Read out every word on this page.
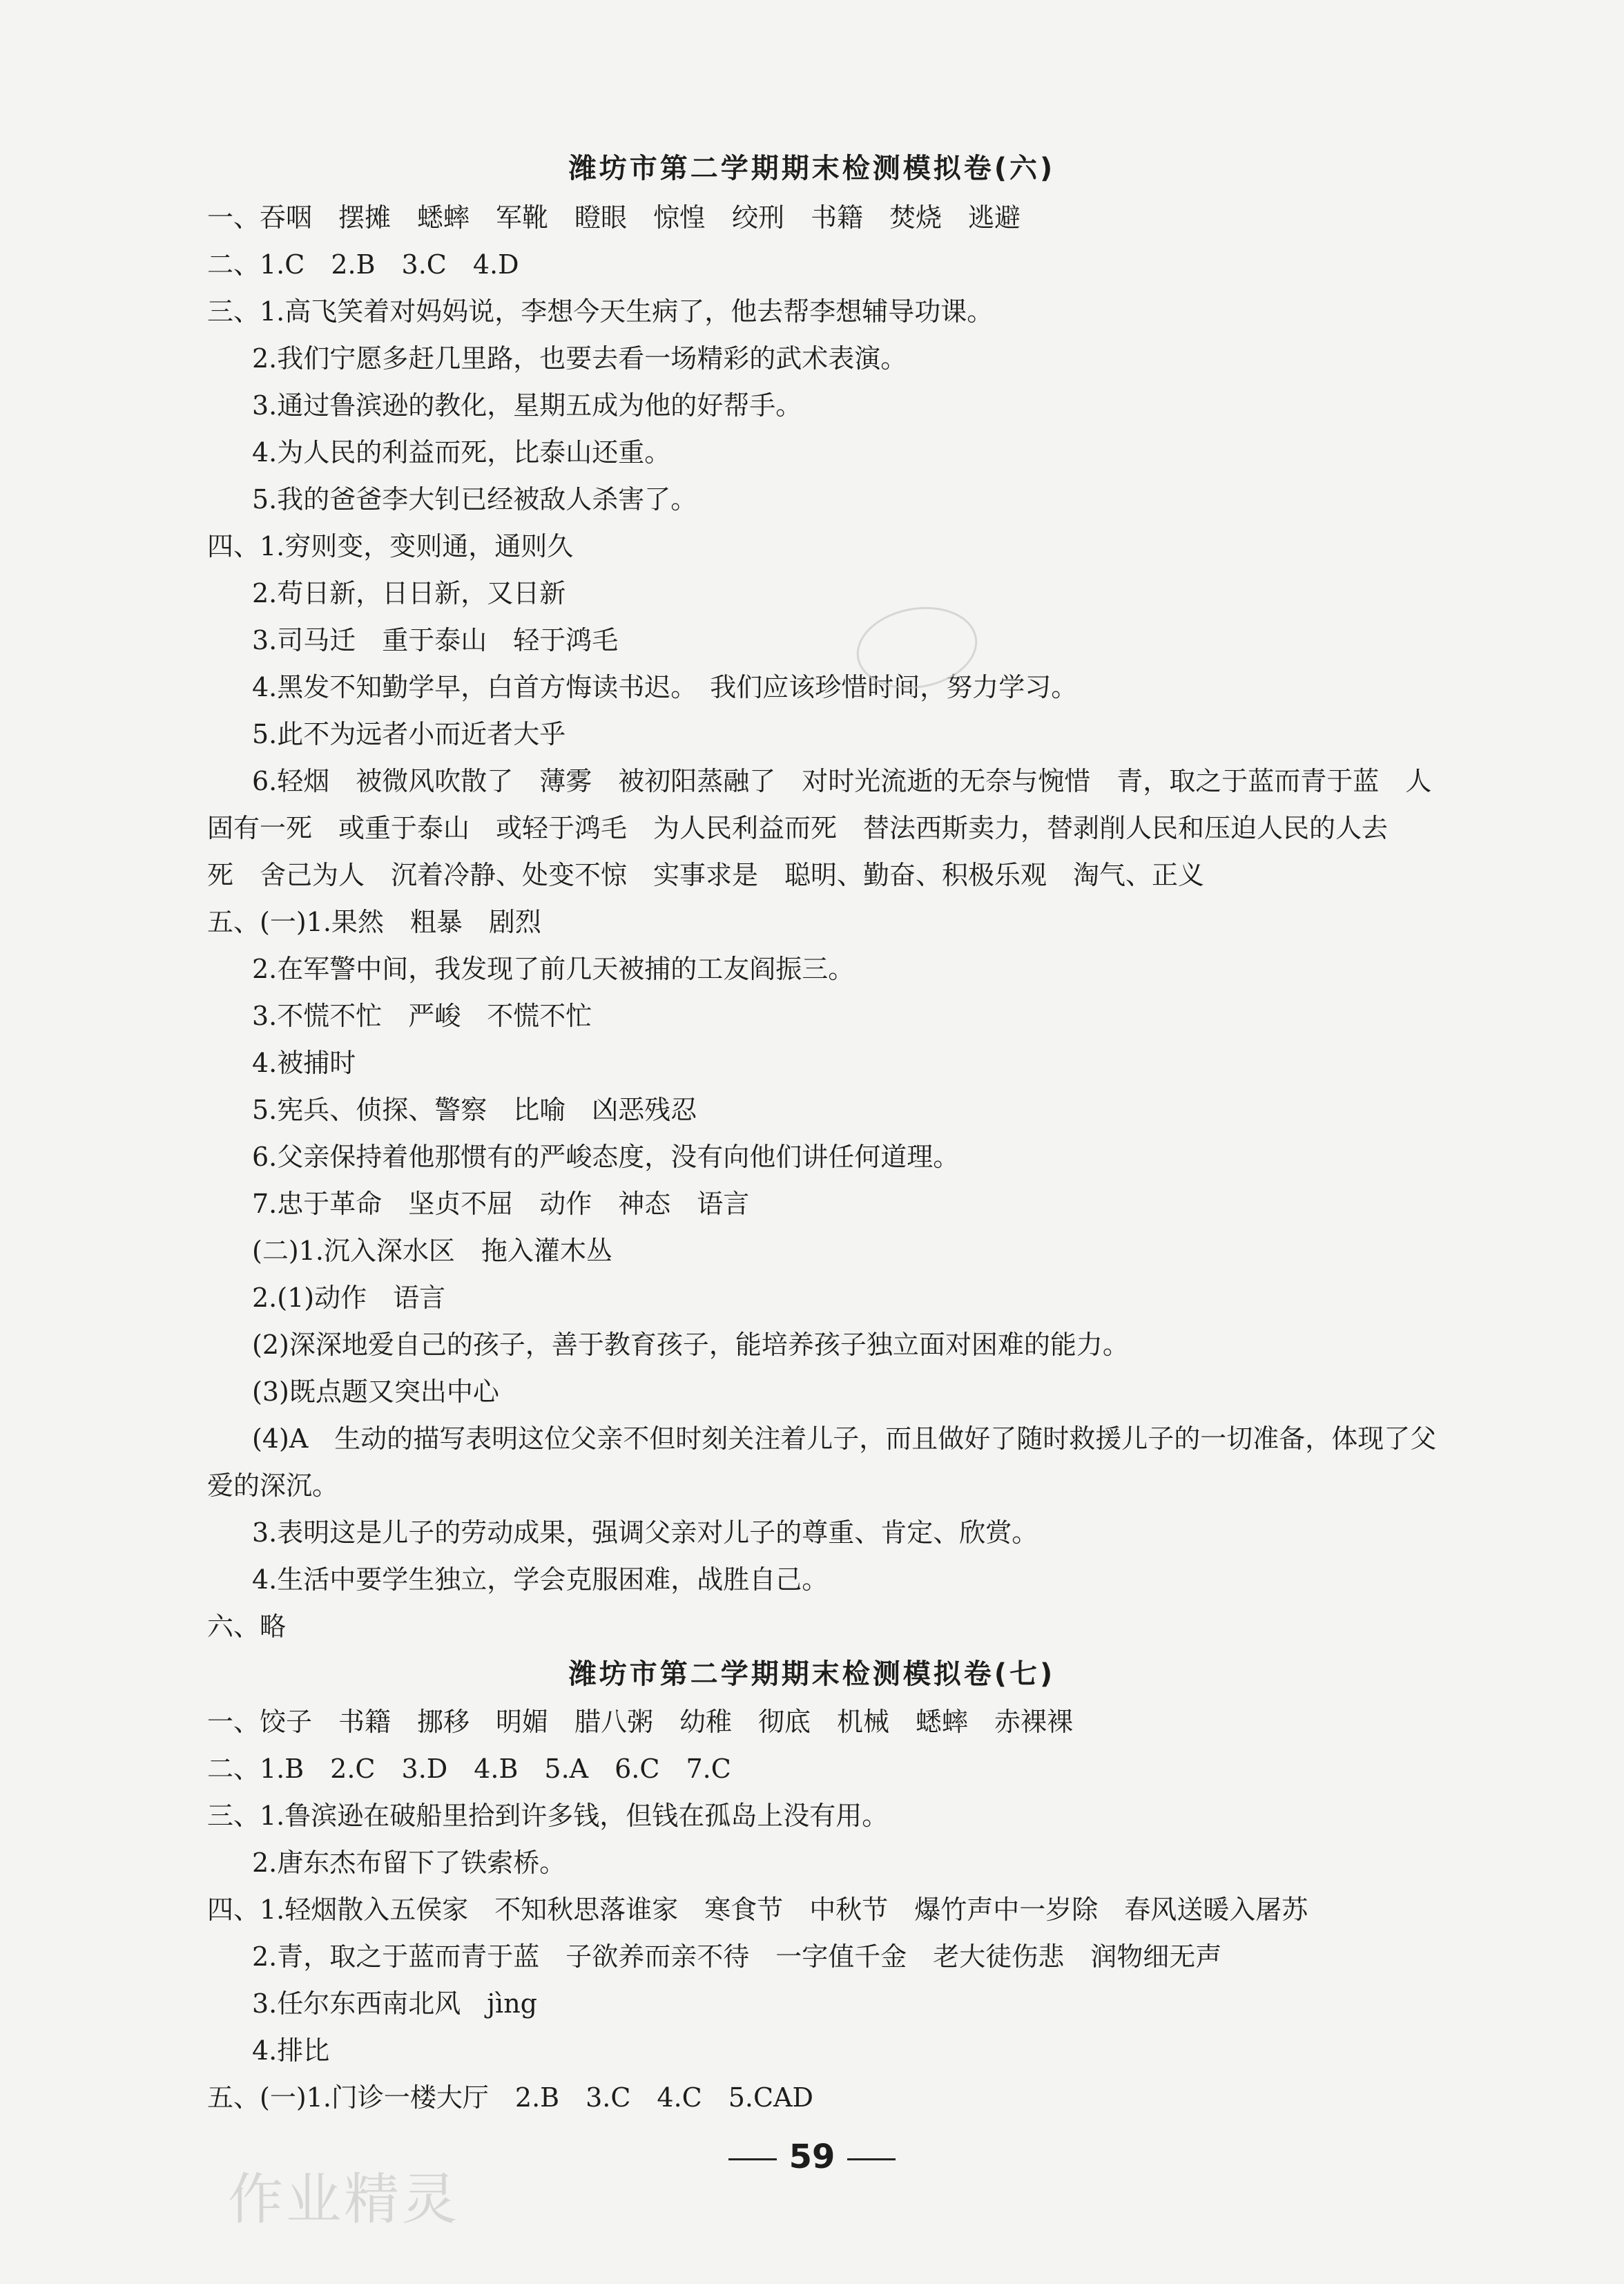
潍坊市第二学期期末检测模拟卷(六)
一、吞咽　摆摊　蟋蟀　军靴　瞪眼　惊惶　绞刑　书籍　焚烧　逃避
二、1.C　2.B　3.C　4.D
三、1.高飞笑着对妈妈说，李想今天生病了，他去帮李想辅导功课。
2.我们宁愿多赶几里路，也要去看一场精彩的武术表演。
3.通过鲁滨逊的教化，星期五成为他的好帮手。
4.为人民的利益而死，比泰山还重。
5.我的爸爸李大钊已经被敌人杀害了。
四、1.穷则变，变则通，通则久
2.苟日新，日日新，又日新
3.司马迁　重于泰山　轻于鸿毛
4.黑发不知勤学早，白首方悔读书迟。　我们应该珍惜时间，努力学习。
5.此不为远者小而近者大乎
6.轻烟　被微风吹散了　薄雾　被初阳蒸融了　对时光流逝的无奈与惋惜　青，取之于蓝而青于蓝　人
固有一死　或重于泰山　或轻于鸿毛　为人民利益而死　替法西斯卖力，替剥削人民和压迫人民的人去
死　舍己为人　沉着冷静、处变不惊　实事求是　聪明、勤奋、积极乐观　淘气、正义
五、(一)1.果然　粗暴　剧烈
2.在军警中间，我发现了前几天被捕的工友阎振三。
3.不慌不忙　严峻　不慌不忙
4.被捕时
5.宪兵、侦探、警察　比喻　凶恶残忍
6.父亲保持着他那惯有的严峻态度，没有向他们讲任何道理。
7.忠于革命　坚贞不屈　动作　神态　语言
(二)1.沉入深水区　拖入灌木丛
2.(1)动作　语言
(2)深深地爱自己的孩子，善于教育孩子，能培养孩子独立面对困难的能力。
(3)既点题又突出中心
(4)A　生动的描写表明这位父亲不但时刻关注着儿子，而且做好了随时救援儿子的一切准备，体现了父
爱的深沉。
3.表明这是儿子的劳动成果，强调父亲对儿子的尊重、肯定、欣赏。
4.生活中要学生独立，学会克服困难，战胜自己。
六、略
潍坊市第二学期期末检测模拟卷(七)
一、饺子　书籍　挪移　明媚　腊八粥　幼稚　彻底　机械　蟋蟀　赤裸裸
二、1.B　2.C　3.D　4.B　5.A　6.C　7.C
三、1.鲁滨逊在破船里拾到许多钱，但钱在孤岛上没有用。
2.唐东杰布留下了铁索桥。
四、1.轻烟散入五侯家　不知秋思落谁家　寒食节　中秋节　爆竹声中一岁除　春风送暖入屠苏
2.青，取之于蓝而青于蓝　子欲养而亲不待　一字值千金　老大徒伤悲　润物细无声
3.任尔东西南北风　jìng
4.排比
五、(一)1.门诊一楼大厅　2.B　3.C　4.C　5.CAD
59
作业精灵
